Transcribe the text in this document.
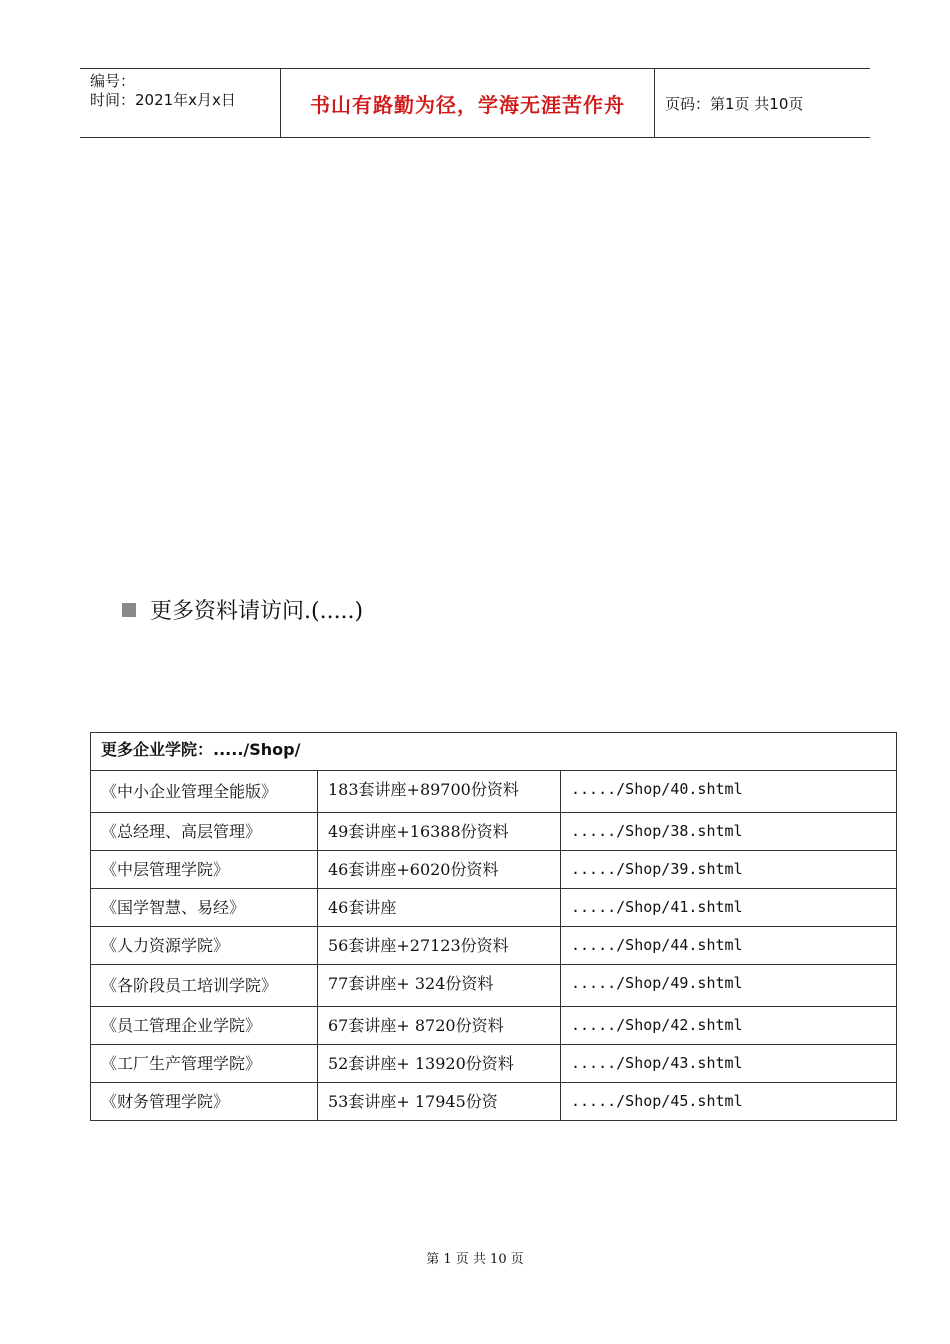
编号：
时间：2021年x月x日	书山有路勤为径，学海无涯苦作舟	页码：第1页 共10页
更多资料请访问.(.....)
更多企业学院：...../Shop/		
《中小企业管理全能版》	183套讲座+89700份资料	...../Shop/40.shtml
《总经理、高层管理》	49套讲座+16388份资料	...../Shop/38.shtml
《中层管理学院》	46套讲座+6020份资料	...../Shop/39.shtml
《国学智慧、易经》	46套讲座	...../Shop/41.shtml
《人力资源学院》	56套讲座+27123份资料	...../Shop/44.shtml
《各阶段员工培训学院》	77套讲座+ 324份资料	...../Shop/49.shtml
《员工管理企业学院》	67套讲座+ 8720份资料	...../Shop/42.shtml
《工厂生产管理学院》	52套讲座+ 13920份资料	...../Shop/43.shtml
《财务管理学院》	53套讲座+ 17945份资	...../Shop/45.shtml
第 1 页 共 10 页
